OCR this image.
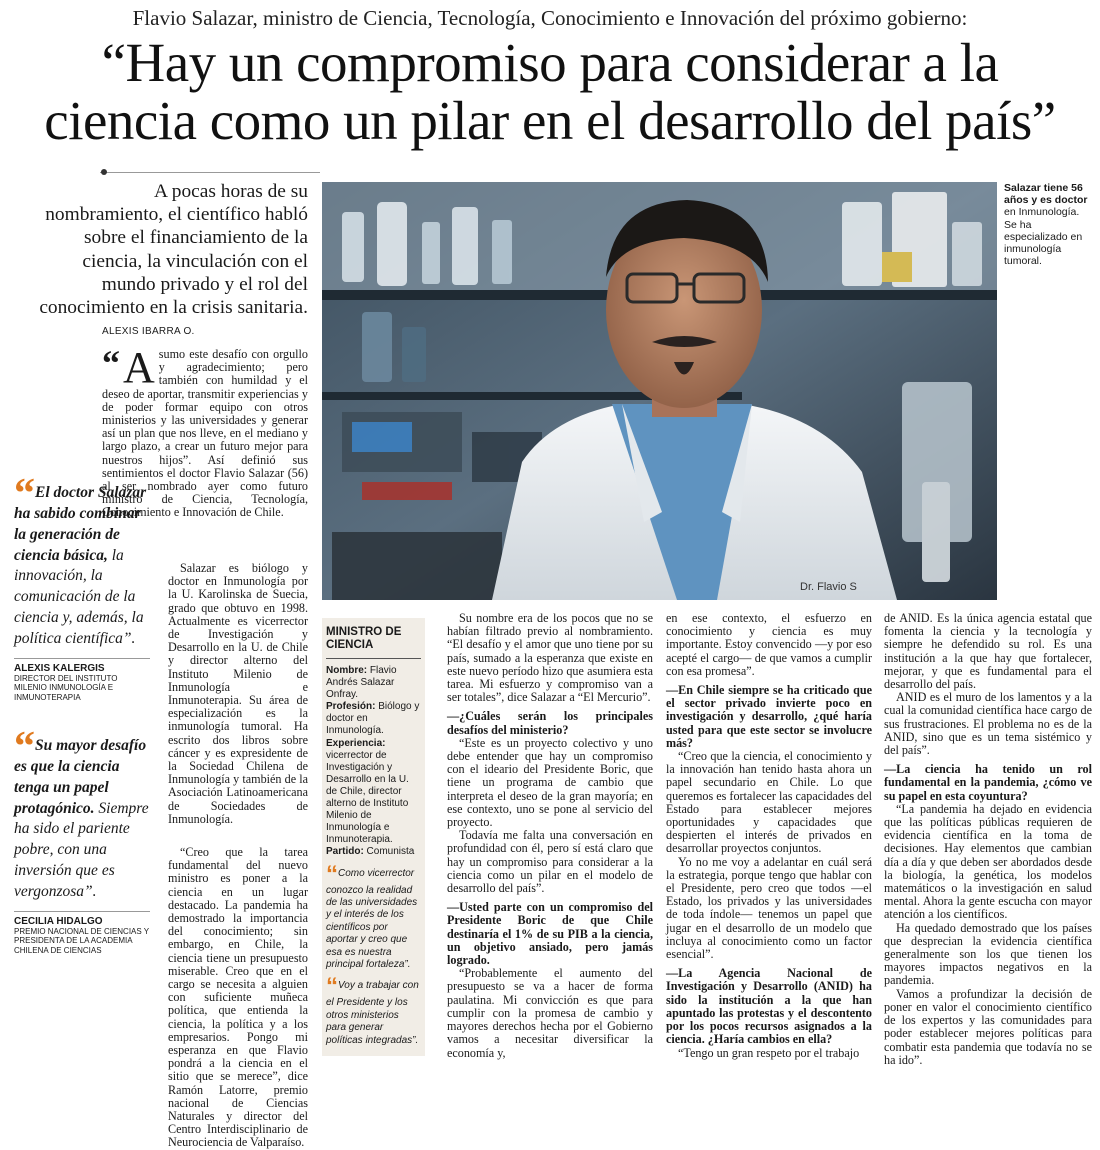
Flavio Salazar, ministro de Ciencia, Tecnología, Conocimiento e Innovación del próximo gobierno:
“Hay un compromiso para considerar a la
ciencia como un pilar en el desarrollo del país”
A pocas horas de su
nombramiento, el científico habló
sobre el financiamiento de la
ciencia, la vinculación con el
mundo privado y el rol del
conocimiento en la crisis sanitaria.
ALEXIS IBARRA O.
Dr. Flavio S
Salazar tiene 56 años y es doctor en Inmunología. Se ha especializado en inmunología tumoral.
“El doctor Salazar ha sabido combinar la generación de ciencia básica, la innovación, la comunicación de la ciencia y, además, la política científica”.
ALEXIS KALERGIS
DIRECTOR DEL INSTITUTO MILENIO INMUNOLOGÍA E INMUNOTERAPIA
“Su mayor desafío es que la ciencia tenga un papel protagónico. Siempre ha sido el pariente pobre, con una inversión que es vergonzosa”.
CECILIA HIDALGO
PREMIO NACIONAL DE CIENCIAS Y PRESIDENTA DE LA ACADEMIA CHILENA DE CIENCIAS

“ A sumo este desafío con orgullo y agradecimiento; pero también con humildad y el deseo de aportar, transmitir experiencias y de poder formar equipo con otros ministerios y las universidades y generar así un plan que nos lleve, en el mediano y largo plazo, a crear un futuro mejor para nuestros hijos”. Así definió sus sentimientos el doctor Flavio Salazar (56) al ser nombrado ayer como futuro ministro de Ciencia, Tecnología, Conocimiento e Innovación de Chile.

Salazar es biólogo y doctor en Inmunología por la U. Karolinska de Suecia, grado que obtuvo en 1998. Actualmente es vicerrector de Investigación y Desarrollo en la U. de Chile y director alterno del Instituto Milenio de Inmunología e Inmunoterapia. Su área de especialización es la inmunología tumoral. Ha escrito dos libros sobre cáncer y es expresidente de la Sociedad Chilena de Inmunología y también de la Asociación Latinoamericana de Sociedades de Inmunología.

“Creo que la tarea fundamental del nuevo ministro es poner a la ciencia en un lugar destacado. La pandemia ha demostrado la importancia del conocimiento; sin embargo, en Chile, la ciencia tiene un presupuesto miserable. Creo que en el cargo se necesita a alguien con suficiente muñeca política, que entienda la ciencia, la política y a los empresarios. Pongo mi esperanza en que Flavio pondrá a la ciencia en el sitio que se merece”, dice Ramón Latorre, premio nacional de Ciencias Naturales y director del Centro Interdisciplinario de Neurociencia de Valparaíso.

MINISTRO DE CIENCIA
Nombre: Flavio Andrés Salazar Onfray.
Profesión: Biólogo y doctor en Inmunología.
Experiencia: vicerrector de Investigación y Desarrollo en la U. de Chile, director alterno de Instituto Milenio de Inmunología e Inmunoterapia.
Partido: Comunista
“Como vicerrector conozco la realidad de las universidades y el interés de los científicos por aportar y creo que esa es nuestra principal fortaleza”.
“Voy a trabajar con el Presidente y los otros ministerios para generar políticas integradas”.

Su nombre era de los pocos que no se habían filtrado previo al nombramiento. “El desafío y el amor que uno tiene por su país, sumado a la esperanza que existe en este nuevo período hizo que asumiera esta tarea. Mi esfuerzo y compromiso van a ser totales”, dice Salazar a “El Mercurio”.

—¿Cuáles serán los principales desafíos del ministerio?

“Este es un proyecto colectivo y uno debe entender que hay un compromiso con el ideario del Presidente Boric, que tiene un programa de cambio que interpreta el deseo de la gran mayoría; en ese contexto, uno se pone al servicio del proyecto.

Todavía me falta una conversación en profundidad con él, pero sí está claro que hay un compromiso para considerar a la ciencia como un pilar en el modelo de desarrollo del país”.

—Usted parte con un compromiso del Presidente Boric de que Chile destinaría el 1% de su PIB a la ciencia, un objetivo ansiado, pero jamás logrado.

“Probablemente el aumento del presupuesto se va a hacer de forma paulatina. Mi convicción es que para cumplir con la promesa de cambio y mayores derechos hecha por el Gobierno vamos a necesitar diversificar la economía y,

en ese contexto, el esfuerzo en conocimiento y ciencia es muy importante. Estoy convencido —y por eso acepté el cargo— de que vamos a cumplir con esa promesa”.

—En Chile siempre se ha criticado que el sector privado invierte poco en investigación y desarrollo, ¿qué haría usted para que este sector se involucre más?

“Creo que la ciencia, el conocimiento y la innovación han tenido hasta ahora un papel secundario en Chile. Lo que queremos es fortalecer las capacidades del Estado para establecer mejores oportunidades y capacidades que despierten el interés de privados en desarrollar proyectos conjuntos.

Yo no me voy a adelantar en cuál será la estrategia, porque tengo que hablar con el Presidente, pero creo que todos —el Estado, los privados y las universidades de toda índole— tenemos un papel que jugar en el desarrollo de un modelo que incluya al conocimiento como un factor esencial”.

—La Agencia Nacional de Investigación y Desarrollo (ANID) ha sido la institución a la que han apuntado las protestas y el descontento por los pocos recursos asignados a la ciencia. ¿Haría cambios en ella?

“Tengo un gran respeto por el trabajo

de ANID. Es la única agencia estatal que fomenta la ciencia y la tecnología y siempre he defendido su rol. Es una institución a la que hay que fortalecer, mejorar, y que es fundamental para el desarrollo del país.

ANID es el muro de los lamentos y a la cual la comunidad científica hace cargo de sus frustraciones. El problema no es de la ANID, sino que es un tema sistémico y del país”.

—La ciencia ha tenido un rol fundamental en la pandemia, ¿cómo ve su papel en esta coyuntura?

“La pandemia ha dejado en evidencia que las políticas públicas requieren de evidencia científica en la toma de decisiones. Hay elementos que cambian día a día y que deben ser abordados desde la biología, la genética, los modelos matemáticos o la investigación en salud mental. Ahora la gente escucha con mayor atención a los científicos.

Ha quedado demostrado que los países que desprecian la evidencia científica generalmente son los que tienen los mayores impactos negativos en la pandemia.

Vamos a profundizar la decisión de poner en valor el conocimiento científico de los expertos y las comunidades para poder establecer mejores políticas para combatir esta pandemia que todavía no se ha ido”.
